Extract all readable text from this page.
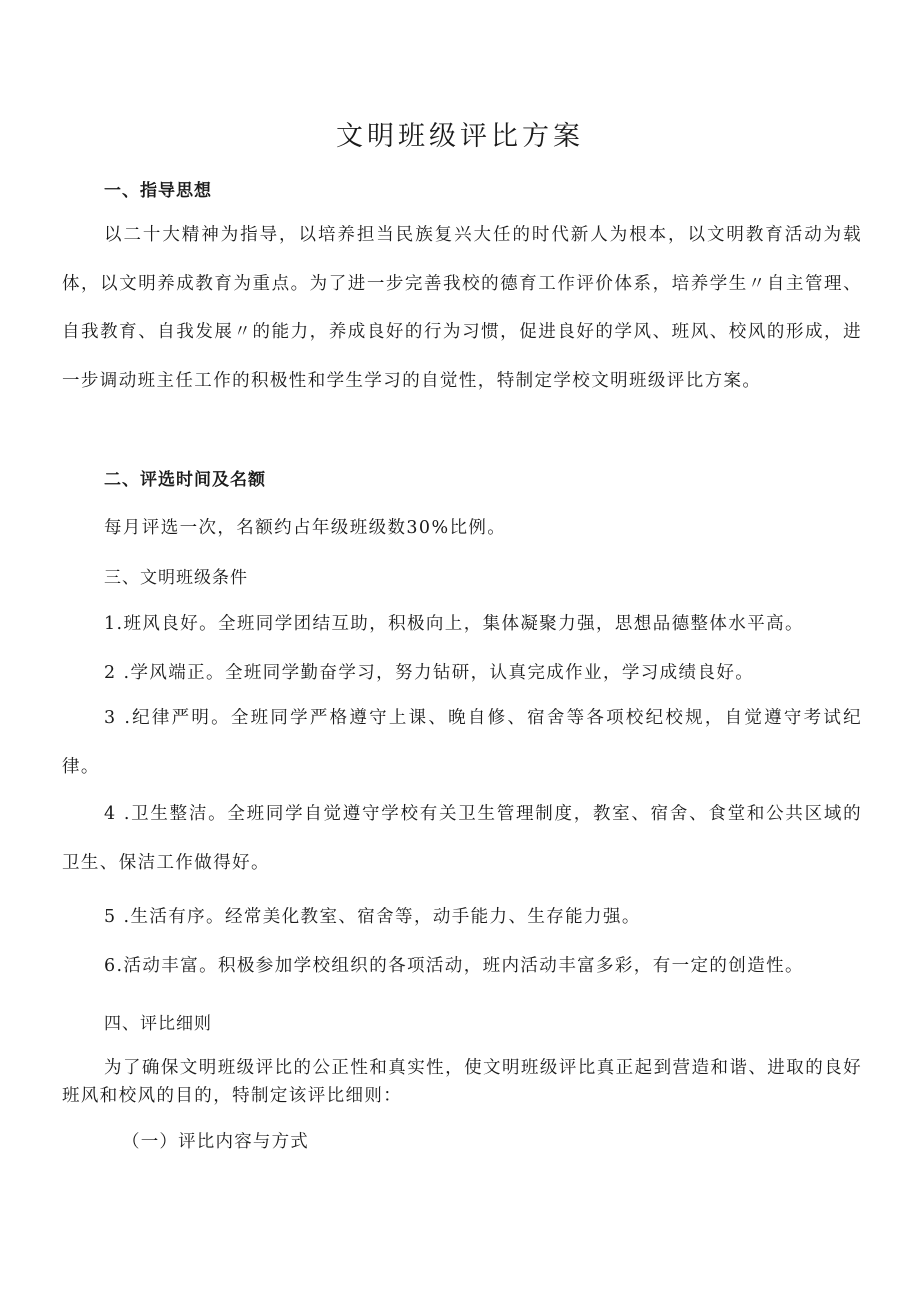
文明班级评比方案
一、指导思想

以二十大精神为指导，以培养担当民族复兴大任的时代新人为根本，以文明教育活动为载体，以文明养成教育为重点。为了进一步完善我校的德育工作评价体系，培养学生〃自主管理、自我教育、自我发展〃的能力，养成良好的行为习惯，促进良好的学风、班风、校风的形成，进一步调动班主任工作的积极性和学生学习的自觉性，特制定学校文明班级评比方案。

二、评选时间及名额
每月评选一次，名额约占年级班级数30%比例。
三、文明班级条件
1.班风良好。全班同学团结互助，积极向上，集体凝聚力强，思想品德整体水平高。
2 .学风端正。全班同学勤奋学习，努力钻研，认真完成作业，学习成绩良好。

3 .纪律严明。全班同学严格遵守上课、晚自修、宿舍等各项校纪校规，自觉遵守考试纪律。

4 .卫生整洁。全班同学自觉遵守学校有关卫生管理制度，教室、宿舍、食堂和公共区域的卫生、保洁工作做得好。

5 .生活有序。经常美化教室、宿舍等，动手能力、生存能力强。
6.活动丰富。积极参加学校组织的各项活动，班内活动丰富多彩，有一定的创造性。
四、评比细则

为了确保文明班级评比的公正性和真实性，使文明班级评比真正起到营造和谐、进取的良好班风和校风的目的，特制定该评比细则：

（一）评比内容与方式
